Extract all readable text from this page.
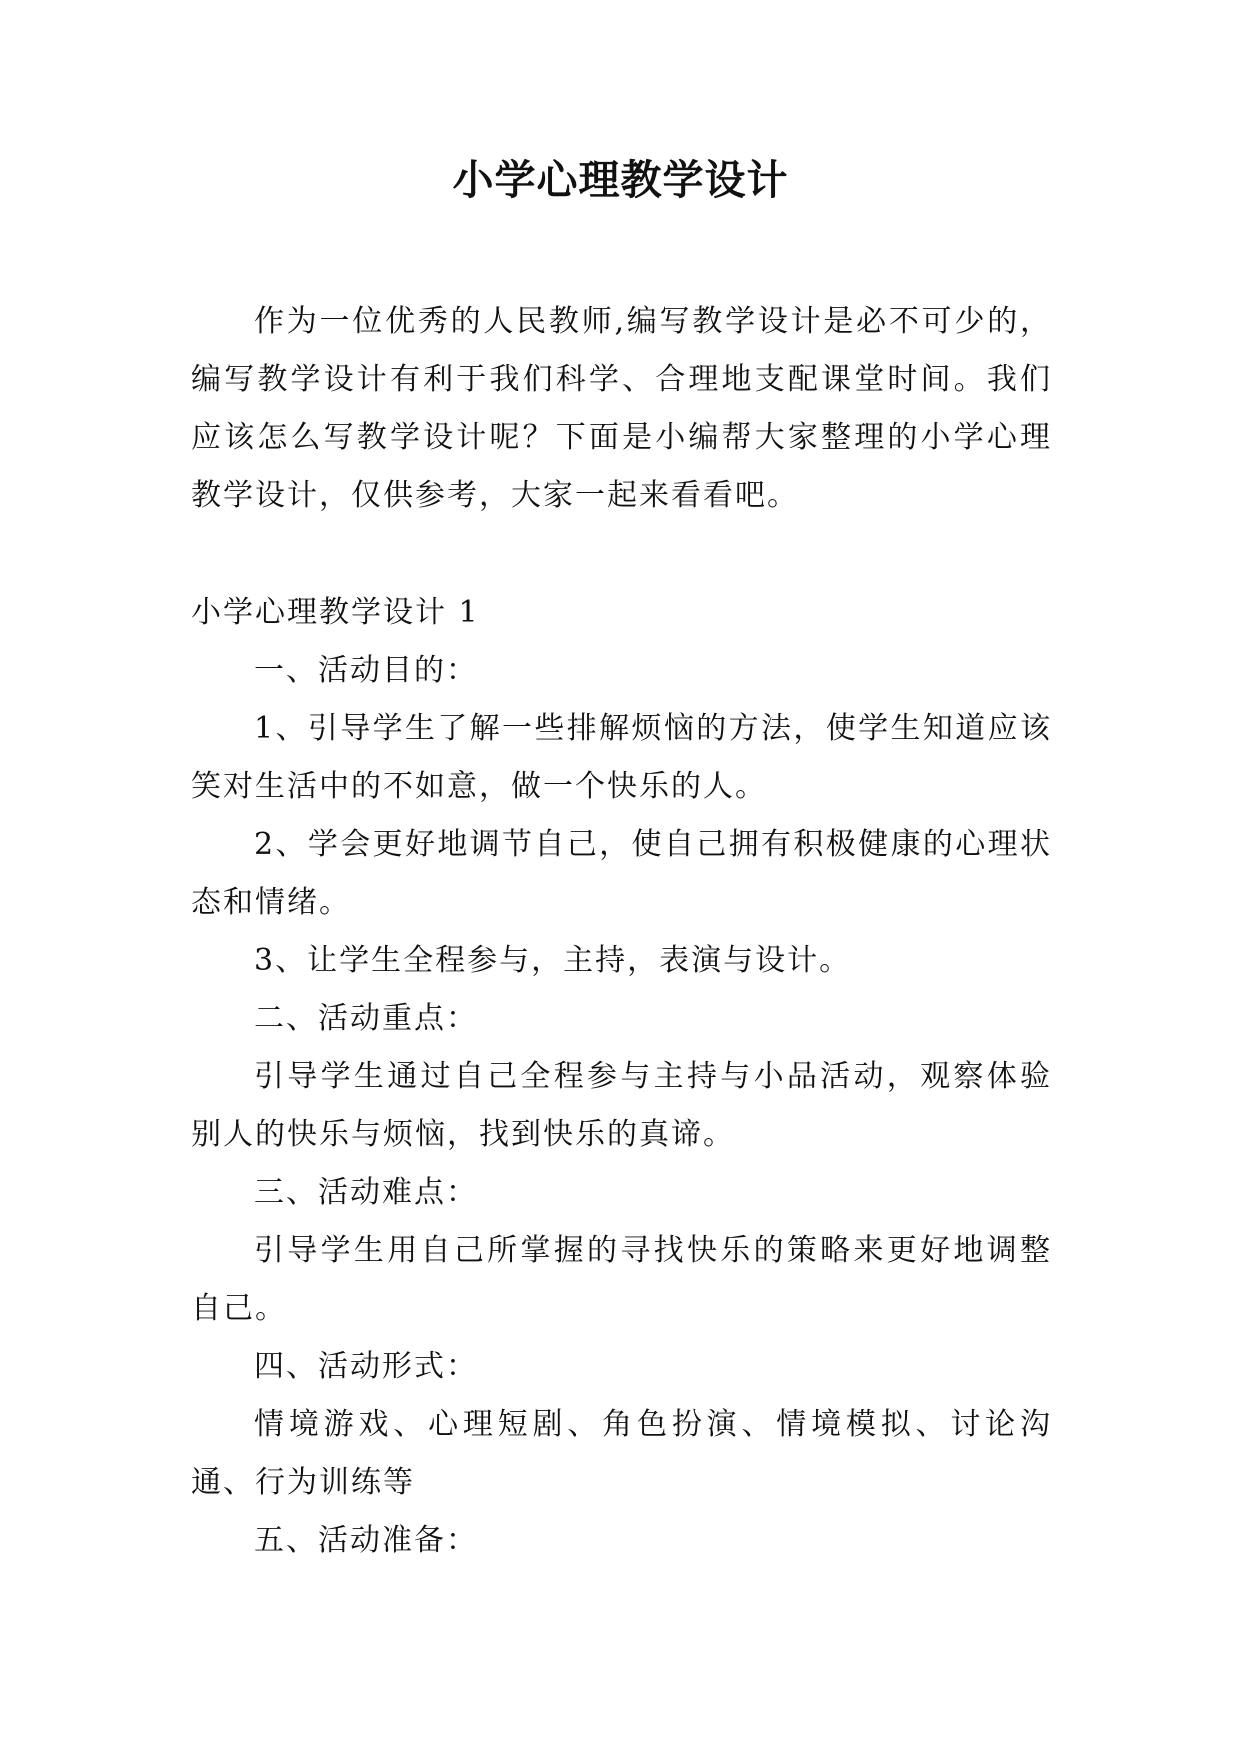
小学心理教学设计

作为一位优秀的人民教师,编写教学设计是必不可少的，编写教学设计有利于我们科学、合理地支配课堂时间。我们应该怎么写教学设计呢？下面是小编帮大家整理的小学心理教学设计，仅供参考，大家一起来看看吧。

小学心理教学设计 1

一、活动目的：

1、引导学生了解一些排解烦恼的方法，使学生知道应该笑对生活中的不如意，做一个快乐的人。

2、学会更好地调节自己，使自己拥有积极健康的心理状态和情绪。

3、让学生全程参与，主持，表演与设计。

二、活动重点：

引导学生通过自己全程参与主持与小品活动，观察体验别人的快乐与烦恼，找到快乐的真谛。

三、活动难点：

引导学生用自己所掌握的寻找快乐的策略来更好地调整自己。

四、活动形式：

情境游戏、心理短剧、角色扮演、情境模拟、讨论沟通、行为训练等

五、活动准备：
